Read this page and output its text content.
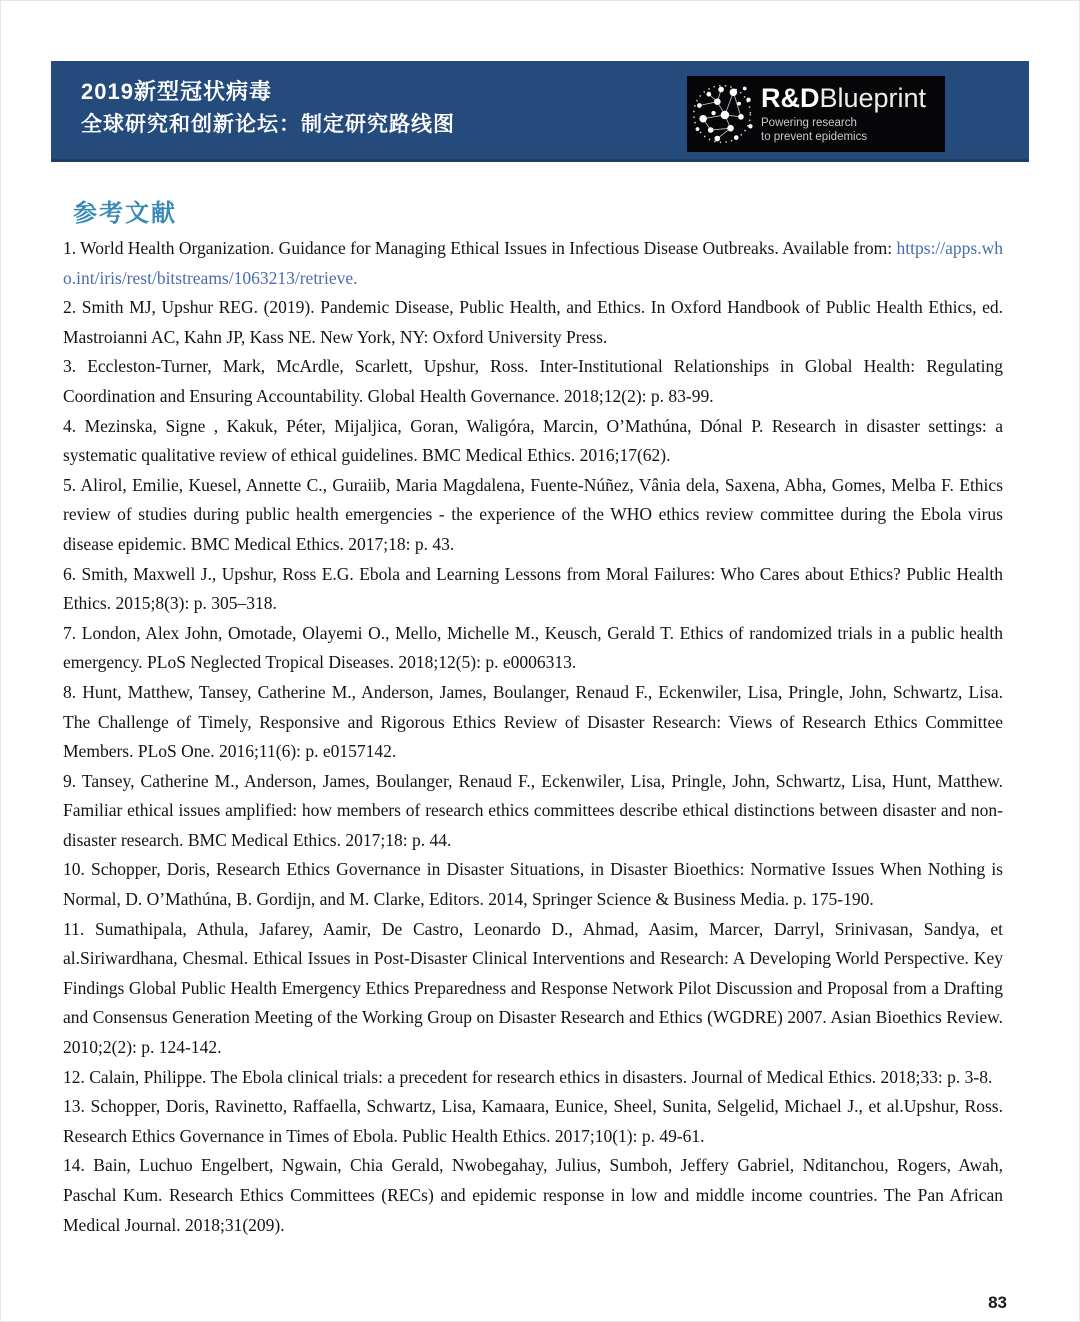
2019新型冠状病毒
全球研究和创新论坛：制定研究路线图
R&DBlueprint
Powering research
to prevent epidemics
参考文献

1. World Health Organization. Guidance for Managing Ethical Issues in Infectious Disease Outbreaks. Available from: https://apps.who.int/iris/rest/bitstreams/1063213/retrieve.

2. Smith MJ, Upshur REG. (2019). Pandemic Disease, Public Health, and Ethics. In Oxford Handbook of Public Health Ethics, ed. Mastroianni AC, Kahn JP, Kass NE. New York, NY: Oxford University Press.

3. Eccleston-Turner, Mark, McArdle, Scarlett, Upshur, Ross. Inter-Institutional Relationships in Global Health: Regulating Coordination and Ensuring Accountability. Global Health Governance. 2018;12(2): p. 83-99.

4. Mezinska, Signe , Kakuk, Péter, Mijaljica, Goran, Waligóra, Marcin, O’Mathúna, Dónal P. Research in disaster settings: a systematic qualitative review of ethical guidelines. BMC Medical Ethics. 2016;17(62).

5. Alirol, Emilie, Kuesel, Annette C., Guraiib, Maria Magdalena, Fuente-Núñez, Vânia dela, Saxena, Abha, Gomes, Melba F. Ethics review of studies during public health emergencies - the experience of the WHO ethics review committee during the Ebola virus disease epidemic. BMC Medical Ethics. 2017;18: p. 43.

6. Smith, Maxwell J., Upshur, Ross E.G. Ebola and Learning Lessons from Moral Failures: Who Cares about Ethics? Public Health Ethics. 2015;8(3): p. 305–318.

7. London, Alex John, Omotade, Olayemi O., Mello, Michelle M., Keusch, Gerald T. Ethics of randomized trials in a public health emergency. PLoS Neglected Tropical Diseases. 2018;12(5): p. e0006313.

8. Hunt, Matthew, Tansey, Catherine M., Anderson, James, Boulanger, Renaud F., Eckenwiler, Lisa, Pringle, John, Schwartz, Lisa. The Challenge of Timely, Responsive and Rigorous Ethics Review of Disaster Research: Views of Research Ethics Committee Members. PLoS One. 2016;11(6): p. e0157142.

9. Tansey, Catherine M., Anderson, James, Boulanger, Renaud F., Eckenwiler, Lisa, Pringle, John, Schwartz, Lisa, Hunt, Matthew. Familiar ethical issues amplified: how members of research ethics committees describe ethical distinctions between disaster and non-disaster research. BMC Medical Ethics. 2017;18: p. 44.

10. Schopper, Doris, Research Ethics Governance in Disaster Situations, in Disaster Bioethics: Normative Issues When Nothing is Normal, D. O’Mathúna, B. Gordijn, and M. Clarke, Editors. 2014, Springer Science & Business Media. p. 175-190.

11. Sumathipala, Athula, Jafarey, Aamir, De Castro, Leonardo D., Ahmad, Aasim, Marcer, Darryl, Srinivasan, Sandya, et al.Siriwardhana, Chesmal. Ethical Issues in Post-Disaster Clinical Interventions and Research: A Developing World Perspective. Key Findings Global Public Health Emergency Ethics Preparedness and Response Network Pilot Discussion and Proposal from a Drafting and Consensus Generation Meeting of the Working Group on Disaster Research and Ethics (WGDRE) 2007. Asian Bioethics Review. 2010;2(2): p. 124-142.

12. Calain, Philippe. The Ebola clinical trials: a precedent for research ethics in disasters. Journal of Medical Ethics. 2018;33: p. 3-8.

13. Schopper, Doris, Ravinetto, Raffaella, Schwartz, Lisa, Kamaara, Eunice, Sheel, Sunita, Selgelid, Michael J., et al.Upshur, Ross. Research Ethics Governance in Times of Ebola. Public Health Ethics. 2017;10(1): p. 49-61.

14. Bain, Luchuo Engelbert, Ngwain, Chia Gerald, Nwobegahay, Julius, Sumboh, Jeffery Gabriel, Nditanchou, Rogers, Awah, Paschal Kum. Research Ethics Committees (RECs) and epidemic response in low and middle income countries. The Pan African Medical Journal. 2018;31(209).

83
